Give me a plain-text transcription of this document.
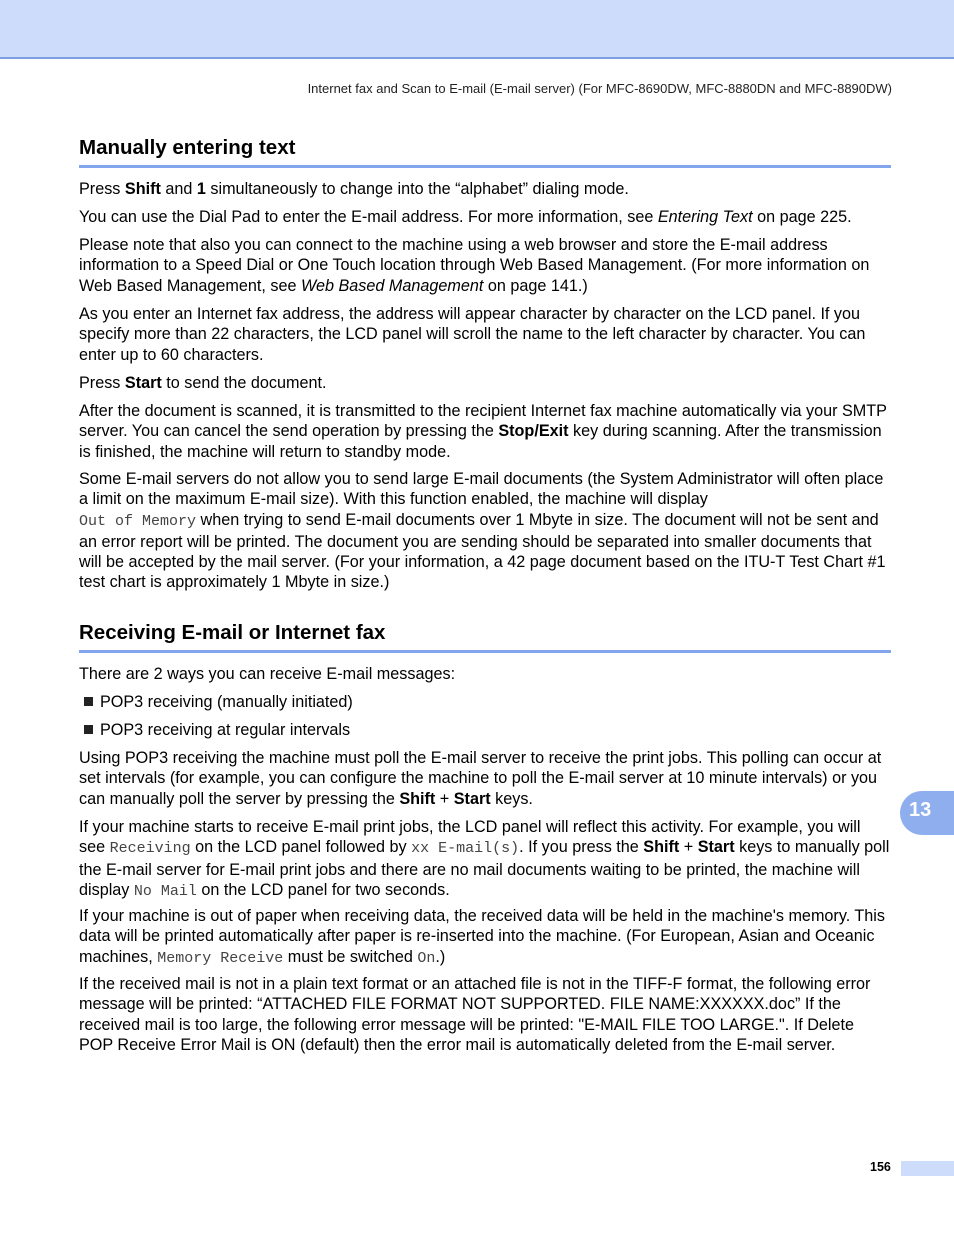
Internet fax and Scan to E-mail (E-mail server) (For MFC-8690DW, MFC-8880DN and MFC-8890DW)
Manually entering text

Press Shift and 1 simultaneously to change into the “alphabet” dialing mode.

You can use the Dial Pad to enter the E-mail address. For more information, see Entering Text on page 225.

Please note that also you can connect to the machine using a web browser and store the E-mail address information to a Speed Dial or One Touch location through Web Based Management. (For more information on Web Based Management, see Web Based Management on page 141.)

As you enter an Internet fax address, the address will appear character by character on the LCD panel. If you specify more than 22 characters, the LCD panel will scroll the name to the left character by character. You can enter up to 60 characters.

Press Start to send the document.

After the document is scanned, it is transmitted to the recipient Internet fax machine automatically via your SMTP server. You can cancel the send operation by pressing the Stop/Exit key during scanning. After the transmission is finished, the machine will return to standby mode.

Some E-mail servers do not allow you to send large E-mail documents (the System Administrator will often place a limit on the maximum E-mail size). With this function enabled, the machine will display
Out of Memory when trying to send E-mail documents over 1 Mbyte in size. The document will not be sent and an error report will be printed. The document you are sending should be separated into smaller documents that will be accepted by the mail server. (For your information, a 42 page document based on the ITU-T Test Chart #1 test chart is approximately 1 Mbyte in size.)

Receiving E-mail or Internet fax

There are 2 ways you can receive E-mail messages:

POP3 receiving (manually initiated)
POP3 receiving at regular intervals

Using POP3 receiving the machine must poll the E-mail server to receive the print jobs. This polling can occur at set intervals (for example, you can configure the machine to poll the E-mail server at 10 minute intervals) or you can manually poll the server by pressing the Shift + Start keys.

If your machine starts to receive E-mail print jobs, the LCD panel will reflect this activity. For example, you will see Receiving on the LCD panel followed by xx E-mail(s). If you press the Shift + Start keys to manually poll the E-mail server for E-mail print jobs and there are no mail documents waiting to be printed, the machine will display No Mail on the LCD panel for two seconds.

If your machine is out of paper when receiving data, the received data will be held in the machine's memory. This data will be printed automatically after paper is re-inserted into the machine. (For European, Asian and Oceanic machines, Memory Receive must be switched On.)

If the received mail is not in a plain text format or an attached file is not in the TIFF-F format, the following error message will be printed: “ATTACHED FILE FORMAT NOT SUPPORTED. FILE NAME:XXXXXX.doc” If the received mail is too large, the following error message will be printed: "E-MAIL FILE TOO LARGE.". If Delete POP Receive Error Mail is ON (default) then the error mail is automatically deleted from the E-mail server.

13
156
